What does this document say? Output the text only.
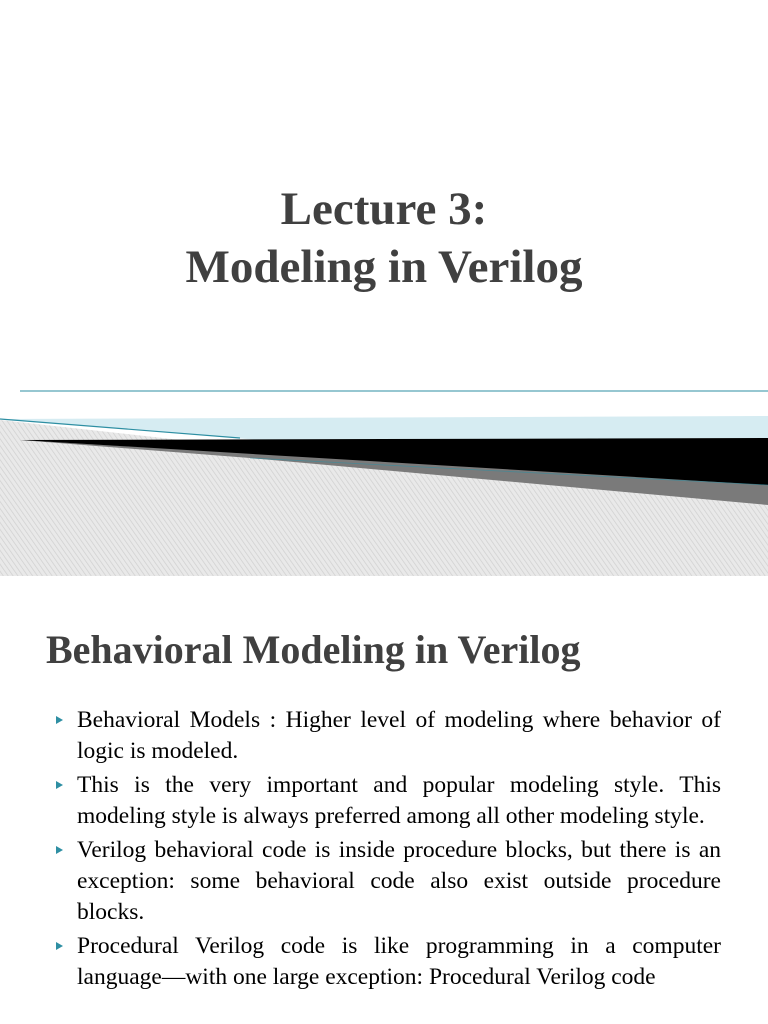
Lecture 3:
Modeling in Verilog
Behavioral Modeling in Verilog
Behavioral Models : Higher level of modeling where behavior of logic is modeled.
This is the very important and popular modeling style. This modeling style is always preferred among all other modeling style.
Verilog behavioral code is inside procedure blocks, but there is an exception: some behavioral code also exist outside procedure blocks.
Procedural Verilog code is like programming in a computer language—with one large exception: Procedural Verilog code
